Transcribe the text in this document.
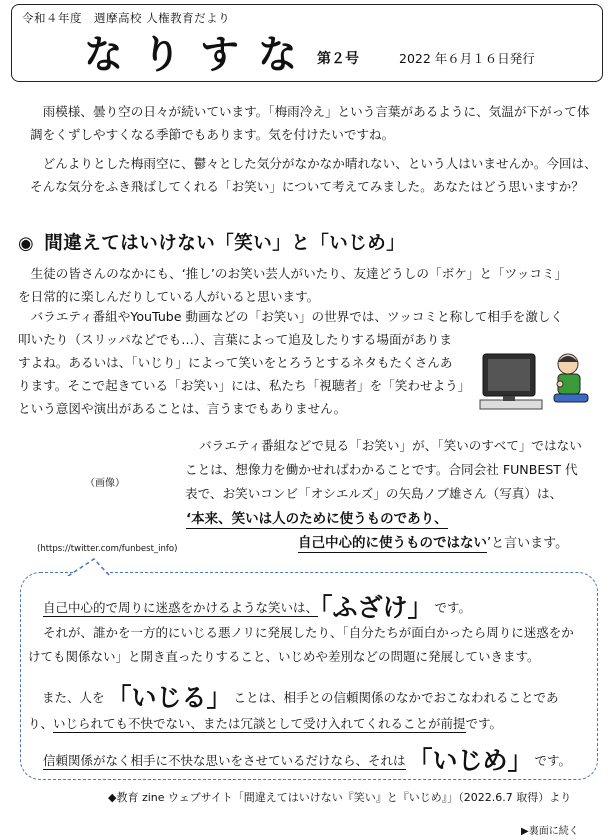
令和４年度　週摩高校 人権教育だより
なりすな 第２号	2022 年６月１６日発行
　雨模様、曇り空の日々が続いています。「梅雨冷え」という言葉があるように、気温が下がって体
調をくずしやすくなる季節でもあります。気を付けたいですね。
　どんよりとした梅雨空に、鬱々とした気分がなかなか晴れない、という人はいませんか。今回は、
そんな気分をふき飛ばしてくれる「お笑い」について考えてみました。あなたはどう思いますか？
◉ 間違えてはいけない「笑い」と「いじめ」
　生徒の皆さんのなかにも、‘推し’のお笑い芸人がいたり、友達どうしの「ボケ」と「ツッコミ」
を日常的に楽しんだりしている人がいると思います。
　バラエティ番組やYouTube 動画などの「お笑い」の世界では、ツッコミと称して相手を激しく
叩いたり（スリッパなどでも…）、言葉によって追及したりする場面がありま
すよね。あるいは、「いじり」によって笑いをとろうとするネタもたくさんあ
ります。そこで起きている「お笑い」には、私たち「視聴者」を「笑わせよう」
という意図や演出があることは、言うまでもありません。
（画像）
(https://twitter.com/funbest_info)
バラエティ番組などで見る「お笑い」が、「笑いのすべて」ではない
ことは、想像力を働かせればわかることです。合同会社 FUNBEST 代
表で、お笑いコンビ「オシエルズ」の矢島ノブ雄さん（写真）は、
‘本来、笑いは人のために使うものであり、
自己中心的に使うものではない’と言います。
自己中心的で周りに迷惑をかけるような笑いは、「ふざけ」 です。
それが、誰かを一方的にいじる悪ノリに発展したり、「自分たちが面白かったら周りに迷惑をか
けても関係ない」と開き直ったりすること、いじめや差別などの問題に発展していきます。
また、人を「いじる」 ことは、相手との信頼関係のなかでおこなわれることであ
り、いじられても不快でない、または冗談として受け入れてくれることが前提です。
信頼関係がなく相手に不快な思いをさせているだけなら、それは「いじめ」 です。
◆教育 zine ウェブサイト「間違えてはいけない『笑い』と『いじめ』」（2022.6.7 取得）より
▶裏面に続く
